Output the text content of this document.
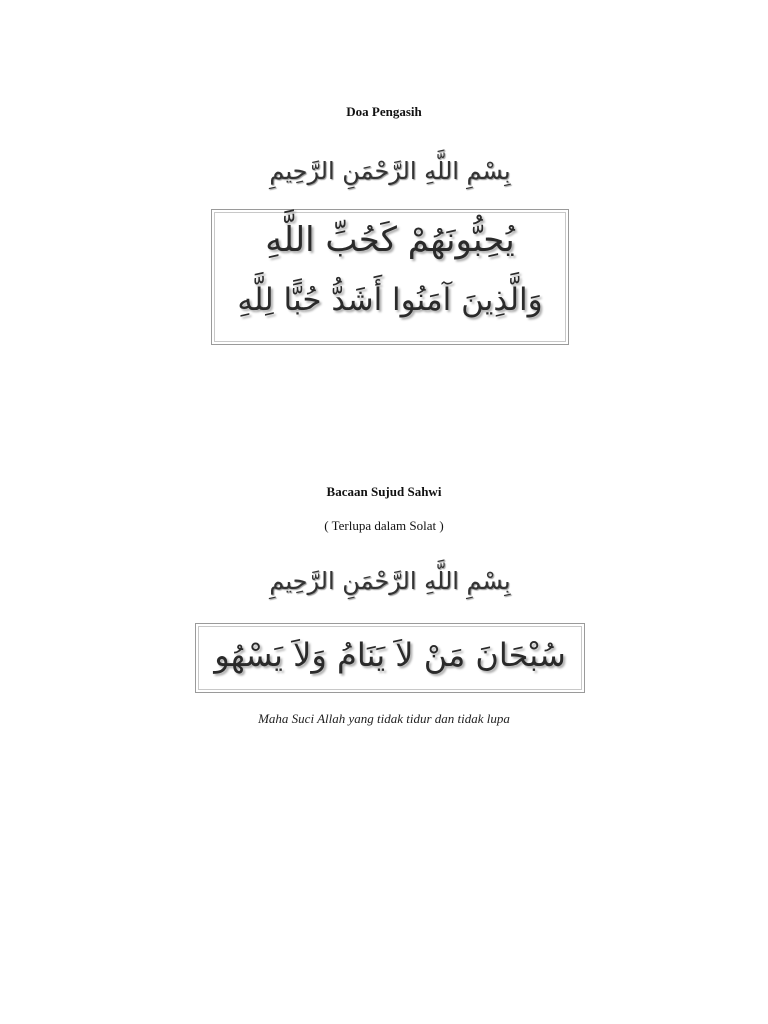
Doa Pengasih
بِسْمِ اللَّهِ الرَّحْمَنِ الرَّحِيمِ
يُحِبُّونَهُمْ كَحُبِّ اللَّهِ
وَالَّذِينَ آمَنُوا أَشَدُّ حُبًّا لِلَّهِ
Bacaan Sujud Sahwi
( Terlupa dalam Solat )
بِسْمِ اللَّهِ الرَّحْمَنِ الرَّحِيمِ
سُبْحَانَ مَنْ لاَ يَنَامُ وَلاَ يَسْهُو
Maha Suci Allah yang tidak tidur dan tidak lupa
